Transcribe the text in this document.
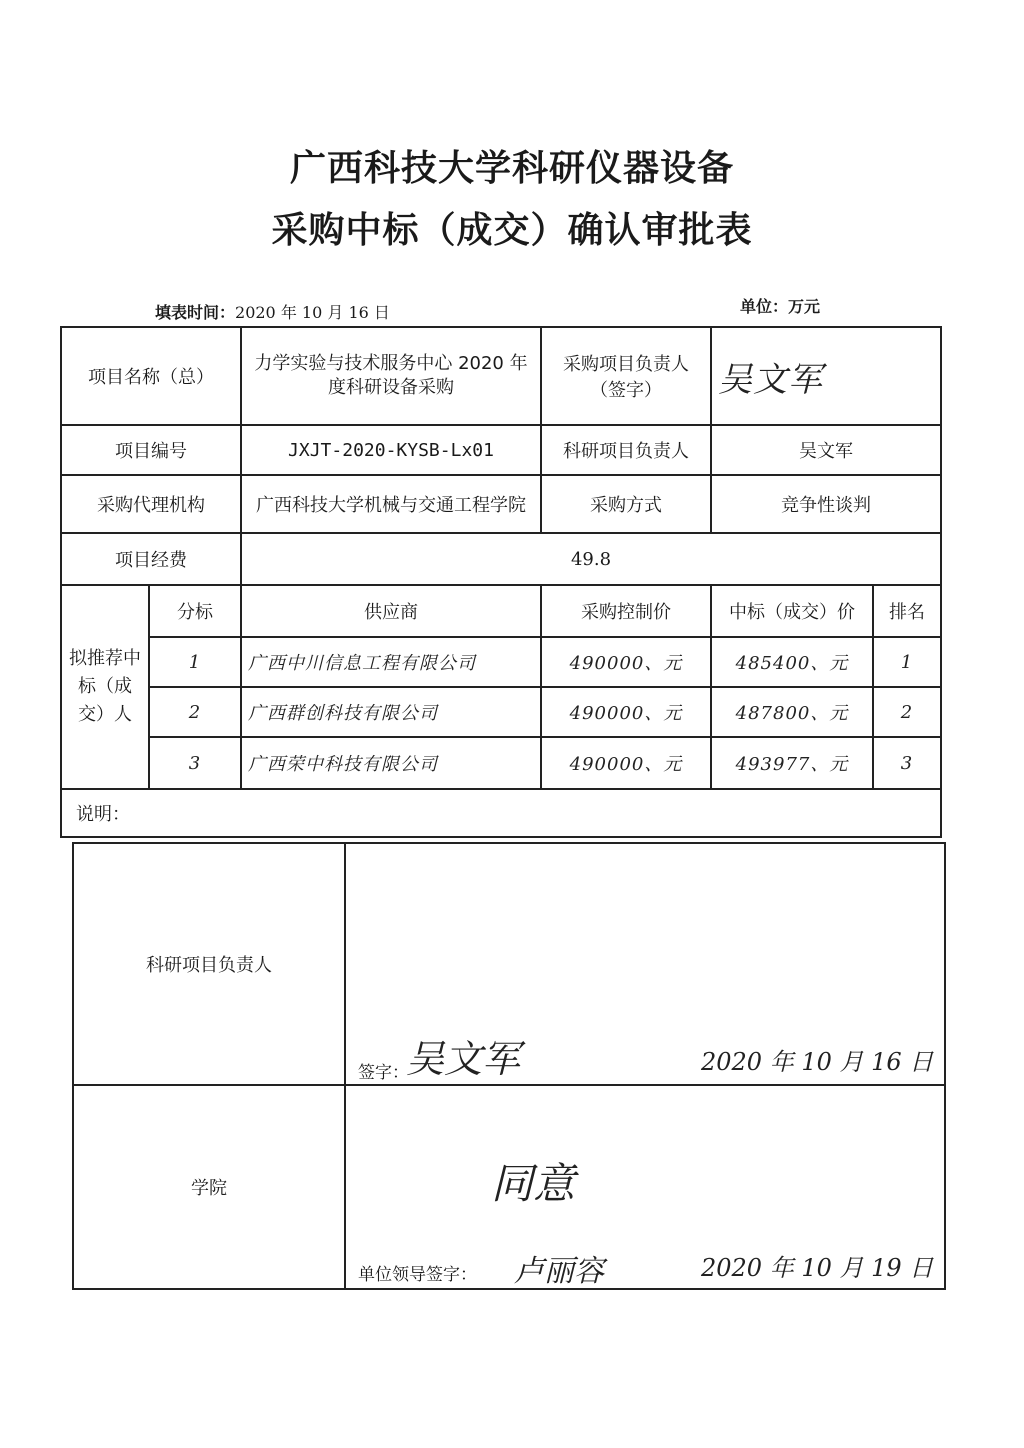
广西科技大学科研仪器设备
采购中标（成交）确认审批表
填表时间：2020 年 10 月 16 日	单位：万元
项目名称（总）		力学实验与技术服务中心 2020 年度科研设备采购	采购项目负责人（签字）	吴文军	
项目编号		JXJT-2020-KYSB-Lx01	科研项目负责人	吴文军	
采购代理机构		广西科技大学机械与交通工程学院	采购方式	竞争性谈判	
项目经费		49.8			
拟推荐中标（成交）人	分标	供应商	采购控制价	中标（成交）价	排名
	1	广西中川信息工程有限公司	490000、元	485400、元	1
	2	广西群创科技有限公司	490000、元	487800、元	2
	3	广西荣中科技有限公司	490000、元	493977、元	3
说明：					
科研项目负责人	签字：
吴文军 2020 年 10 月 16 日

学院	同意
单位领导签字： 卢丽容 2020 年 10 月 19 日
